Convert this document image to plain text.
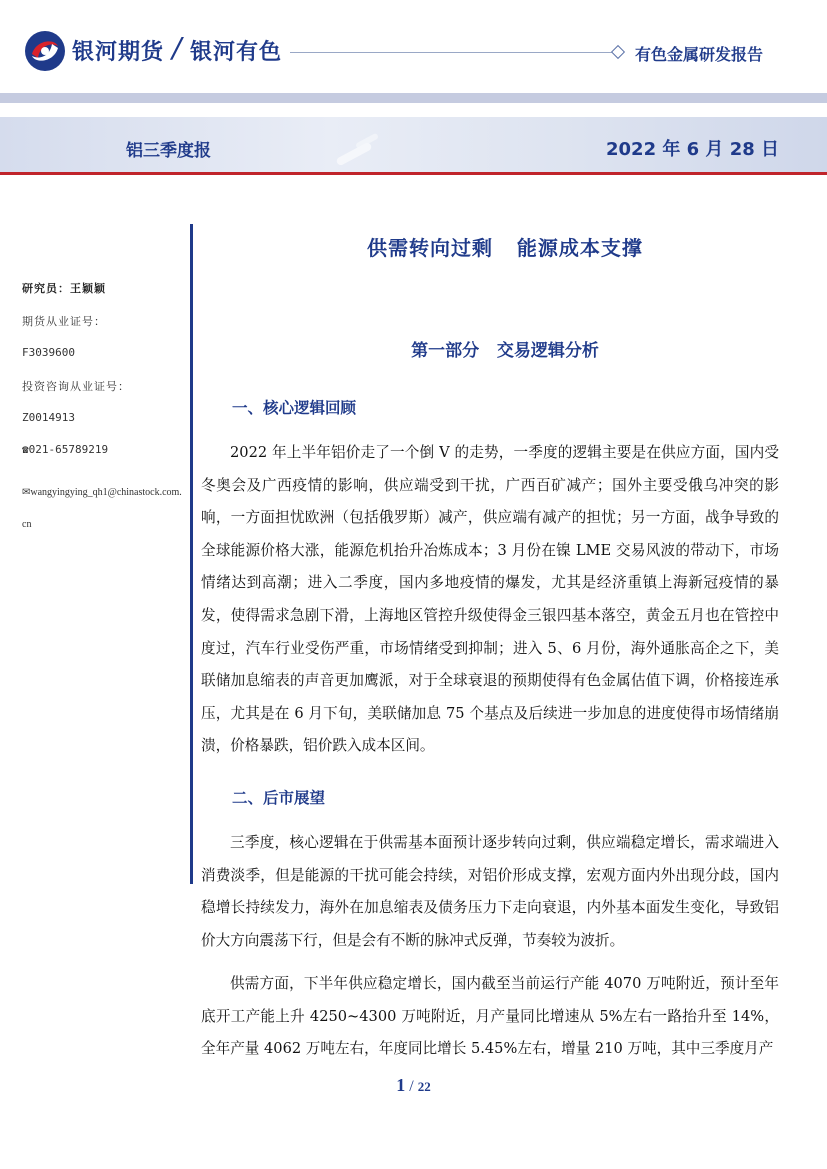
银河期货 / 银河有色	有色金属研发报告
铝三季度报	2022 年 6 月 28 日
研究员：王颖颖
期货从业证号：
F3039600
投资咨询从业证号：
Z0014913
☎021-65789219
✉wangyingying_qh1@chinastock.com.cn
供需转向过剩   能源成本支撑
第一部分   交易逻辑分析
一、核心逻辑回顾

2022 年上半年铝价走了一个倒 V 的走势，一季度的逻辑主要是在供应方面，国内受冬奥会及广西疫情的影响，供应端受到干扰，广西百矿减产；国外主要受俄乌冲突的影响，一方面担忧欧洲（包括俄罗斯）减产，供应端有减产的担忧；另一方面，战争导致的全球能源价格大涨，能源危机抬升冶炼成本；3 月份在镍 LME 交易风波的带动下，市场情绪达到高潮；进入二季度，国内多地疫情的爆发，尤其是经济重镇上海新冠疫情的暴发，使得需求急剧下滑，上海地区管控升级使得金三银四基本落空，黄金五月也在管控中度过，汽车行业受伤严重，市场情绪受到抑制；进入 5、6 月份，海外通胀高企之下，美联储加息缩表的声音更加鹰派，对于全球衰退的预期使得有色金属估值下调，价格接连承压，尤其是在 6 月下旬，美联储加息 75 个基点及后续进一步加息的进度使得市场情绪崩溃，价格暴跌，铝价跌入成本区间。

二、后市展望

三季度，核心逻辑在于供需基本面预计逐步转向过剩，供应端稳定增长，需求端进入消费淡季，但是能源的干扰可能会持续，对铝价形成支撑，宏观方面内外出现分歧，国内稳增长持续发力，海外在加息缩表及债务压力下走向衰退，内外基本面发生变化，导致铝价大方向震荡下行，但是会有不断的脉冲式反弹，节奏较为波折。

供需方面，下半年供应稳定增长，国内截至当前运行产能 4070 万吨附近，预计至年底开工产能上升 4250~4300 万吨附近，月产量同比增速从 5%左右一路抬升至 14%，全年产量 4062 万吨左右，年度同比增长 5.45%左右，增量 210 万吨，其中三季度月产

1 / 22
